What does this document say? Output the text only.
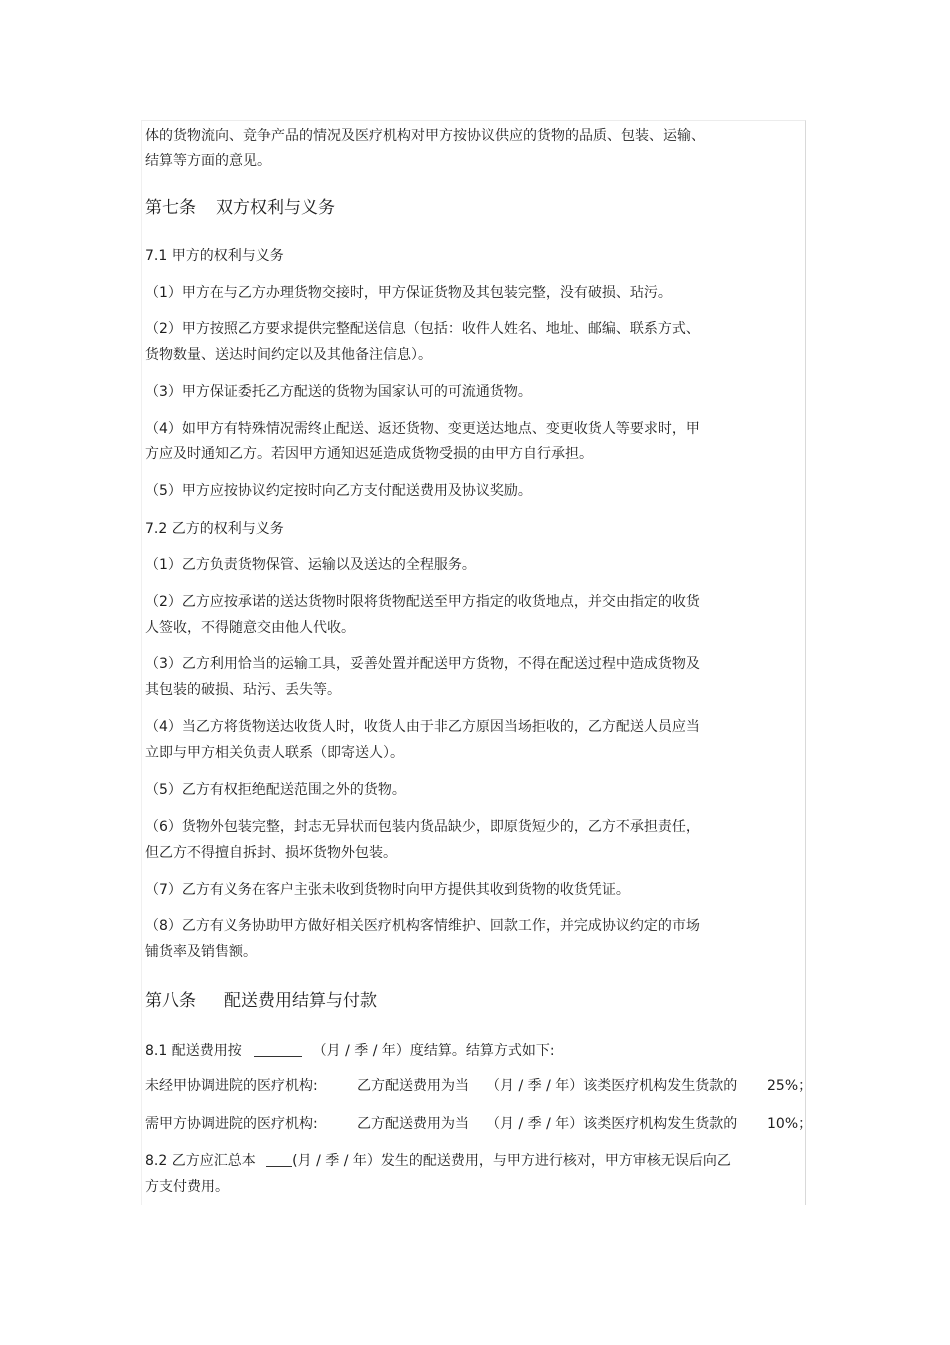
体的货物流向、竞争产品的情况及医疗机构对甲方按协议供应的货物的品质、包装、运输、
结算等方面的意见。
第七条 双方权利与义务
7.1 甲方的权利与义务
（1）甲方在与乙方办理货物交接时，甲方保证货物及其包装完整，没有破损、玷污。
（2）甲方按照乙方要求提供完整配送信息（包括：收件人姓名、地址、邮编、联系方式、
货物数量、送达时间约定以及其他备注信息）。
（3）甲方保证委托乙方配送的货物为国家认可的可流通货物。
（4）如甲方有特殊情况需终止配送、返还货物、变更送达地点、变更收货人等要求时，甲
方应及时通知乙方。若因甲方通知迟延造成货物受损的由甲方自行承担。
（5）甲方应按协议约定按时向乙方支付配送费用及协议奖励。
7.2 乙方的权利与义务
（1）乙方负责货物保管、运输以及送达的全程服务。
（2）乙方应按承诺的送达货物时限将货物配送至甲方指定的收货地点，并交由指定的收货
人签收，不得随意交由他人代收。
（3）乙方利用恰当的运输工具，妥善处置并配送甲方货物，不得在配送过程中造成货物及
其包装的破损、玷污、丢失等。
（4）当乙方将货物送达收货人时，收货人由于非乙方原因当场拒收的，乙方配送人员应当
立即与甲方相关负责人联系（即寄送人）。
（5）乙方有权拒绝配送范围之外的货物。
（6）货物外包装完整，封志无异状而包装内货品缺少，即原货短少的，乙方不承担责任，
但乙方不得擅自拆封、损坏货物外包装。
（7）乙方有义务在客户主张未收到货物时向甲方提供其收到货物的收货凭证。
（8）乙方有义务协助甲方做好相关医疗机构客情维护、回款工作，并完成协议约定的市场
铺货率及销售额。
第八条 配送费用结算与付款
8.1 配送费用按	（月 / 季 / 年）度结算。结算方式如下:
未经甲协调进院的医疗机构:	乙方配送费用为当 （月 / 季 / 年）该类医疗机构发生货款的 25%；
需甲方协调进院的医疗机构:	乙方配送费用为当 （月 / 季 / 年）该类医疗机构发生货款的 10%；
8.2 乙方应汇总本	(月 / 季 / 年）发生的配送费用，与甲方进行核对，甲方审核无误后向乙
方支付费用。
